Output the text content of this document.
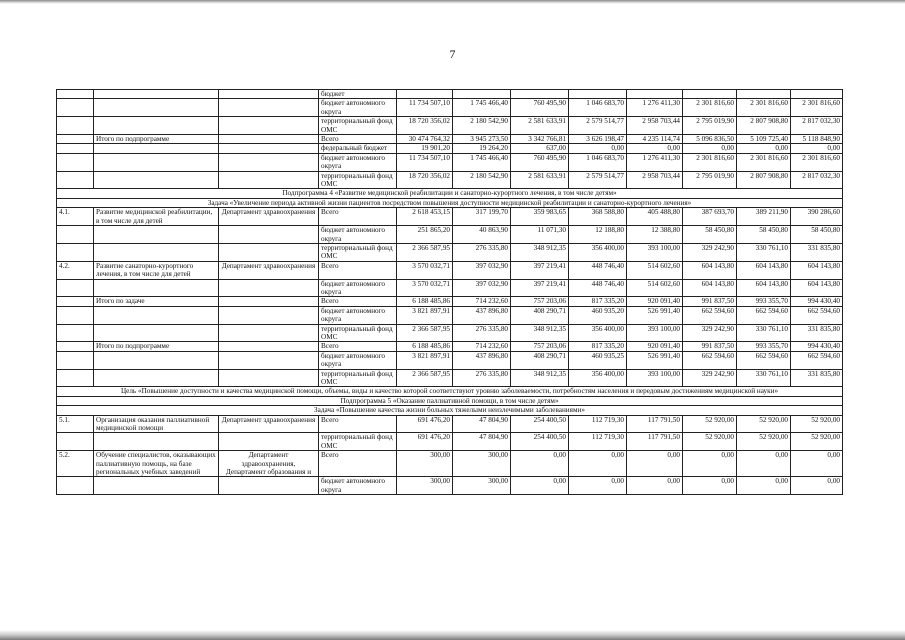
7
			бюджет								
			бюджет автономного округа	11 734 507,10	1 745 466,40	760 495,90	1 046 683,70	1 276 411,30	2 301 816,60	2 301 816,60	2 301 816,60
			территориальный фонд ОМС	18 720 356,02	2 180 542,90	2 581 633,91	2 579 514,77	2 958 703,44	2 795 019,90	2 807 908,80	2 817 032,30
	Итого по подпрограмме		Всего	30 474 764,32	3 945 273,50	3 342 766,81	3 626 198,47	4 235 114,74	5 096 836,50	5 109 725,40	5 118 848,90
			федеральный бюджет	19 901,20	19 264,20	637,00	0,00	0,00	0,00	0,00	0,00
			бюджет автономного округа	11 734 507,10	1 745 466,40	760 495,90	1 046 683,70	1 276 411,30	2 301 816,60	2 301 816,60	2 301 816,60
			территориальный фонд ОМС	18 720 356,02	2 180 542,90	2 581 633,91	2 579 514,77	2 958 703,44	2 795 019,90	2 807 908,80	2 817 032,30
Подпрограмма 4 «Развитие медицинской реабилитации и санаторно-курортного лечения, в том числе детям»											
Задача «Увеличение периода активной жизни пациентов посредством повышения доступности медицинской реабилитации и санаторно-курортного лечения»											
4.1.	Развитие медицинской реабилитации, в том числе для детей	Департамент здравоохранения	Всего	2 618 453,15	317 199,70	359 983,65	368 588,80	405 488,80	387 693,70	389 211,90	390 286,60
			бюджет автономного округа	251 865,20	40 863,90	11 071,30	12 188,80	12 388,80	58 450,80	58 450,80	58 450,80
			территориальный фонд ОМС	2 366 587,95	276 335,80	348 912,35	356 400,00	393 100,00	329 242,90	330 761,10	331 835,80
4.2.	Развитие санаторно-курортного лечения, в том числе для детей	Департамент здравоохранения	Всего	3 570 032,71	397 032,90	397 219,41	448 746,40	514 602,60	604 143,80	604 143,80	604 143,80
			бюджет автономного округа	3 570 032,71	397 032,90	397 219,41	448 746,40	514 602,60	604 143,80	604 143,80	604 143,80
	Итого по задаче		Всего	6 188 485,86	714 232,60	757 203,06	817 335,20	920 091,40	991 837,50	993 355,70	994 430,40
			бюджет автономного округа	3 821 897,91	437 896,80	408 290,71	460 935,20	526 991,40	662 594,60	662 594,60	662 594,60
			территориальный фонд ОМС	2 366 587,95	276 335,80	348 912,35	356 400,00	393 100,00	329 242,90	330 761,10	331 835,80
	Итого по подпрограмме		Всего	6 188 485,86	714 232,60	757 203,06	817 335,20	920 091,40	991 837,50	993 355,70	994 430,40
			бюджет автономного округа	3 821 897,91	437 896,80	408 290,71	460 935,25	526 991,40	662 594,60	662 594,60	662 594,60
			территориальный фонд ОМС	2 366 587,95	276 335,80	348 912,35	356 400,00	393 100,00	329 242,90	330 761,10	331 835,80
Цель «Повышение доступности и качества медицинской помощи, объемы, виды и качество которой соответствуют уровню заболеваемости, потребностям населения и передовым достижениям медицинской науки»											
Подпрограмма 5 «Оказание паллиативной помощи, в том числе детям»											
Задача «Повышение качества жизни больных тяжелыми неизлечимыми заболеваниями»											
5.1.	Организация оказания паллиативной медицинской помощи	Департамент здравоохранения	Всего	691 476,20	47 804,90	254 400,50	112 719,30	117 791,50	52 920,00	52 920,00	52 920,00
			территориальный фонд ОМС	691 476,20	47 804,90	254 400,50	112 719,30	117 791,50	52 920,00	52 920,00	52 920,00
5.2.	Обучение специалистов, оказывающих паллиативную помощь, на базе региональных учебных заведений	Департамент здравоохранения, Департамент образования и	Всего	300,00	300,00	0,00	0,00	0,00	0,00	0,00	0,00
			бюджет автономного округа	300,00	300,00	0,00	0,00	0,00	0,00	0,00	0,00
